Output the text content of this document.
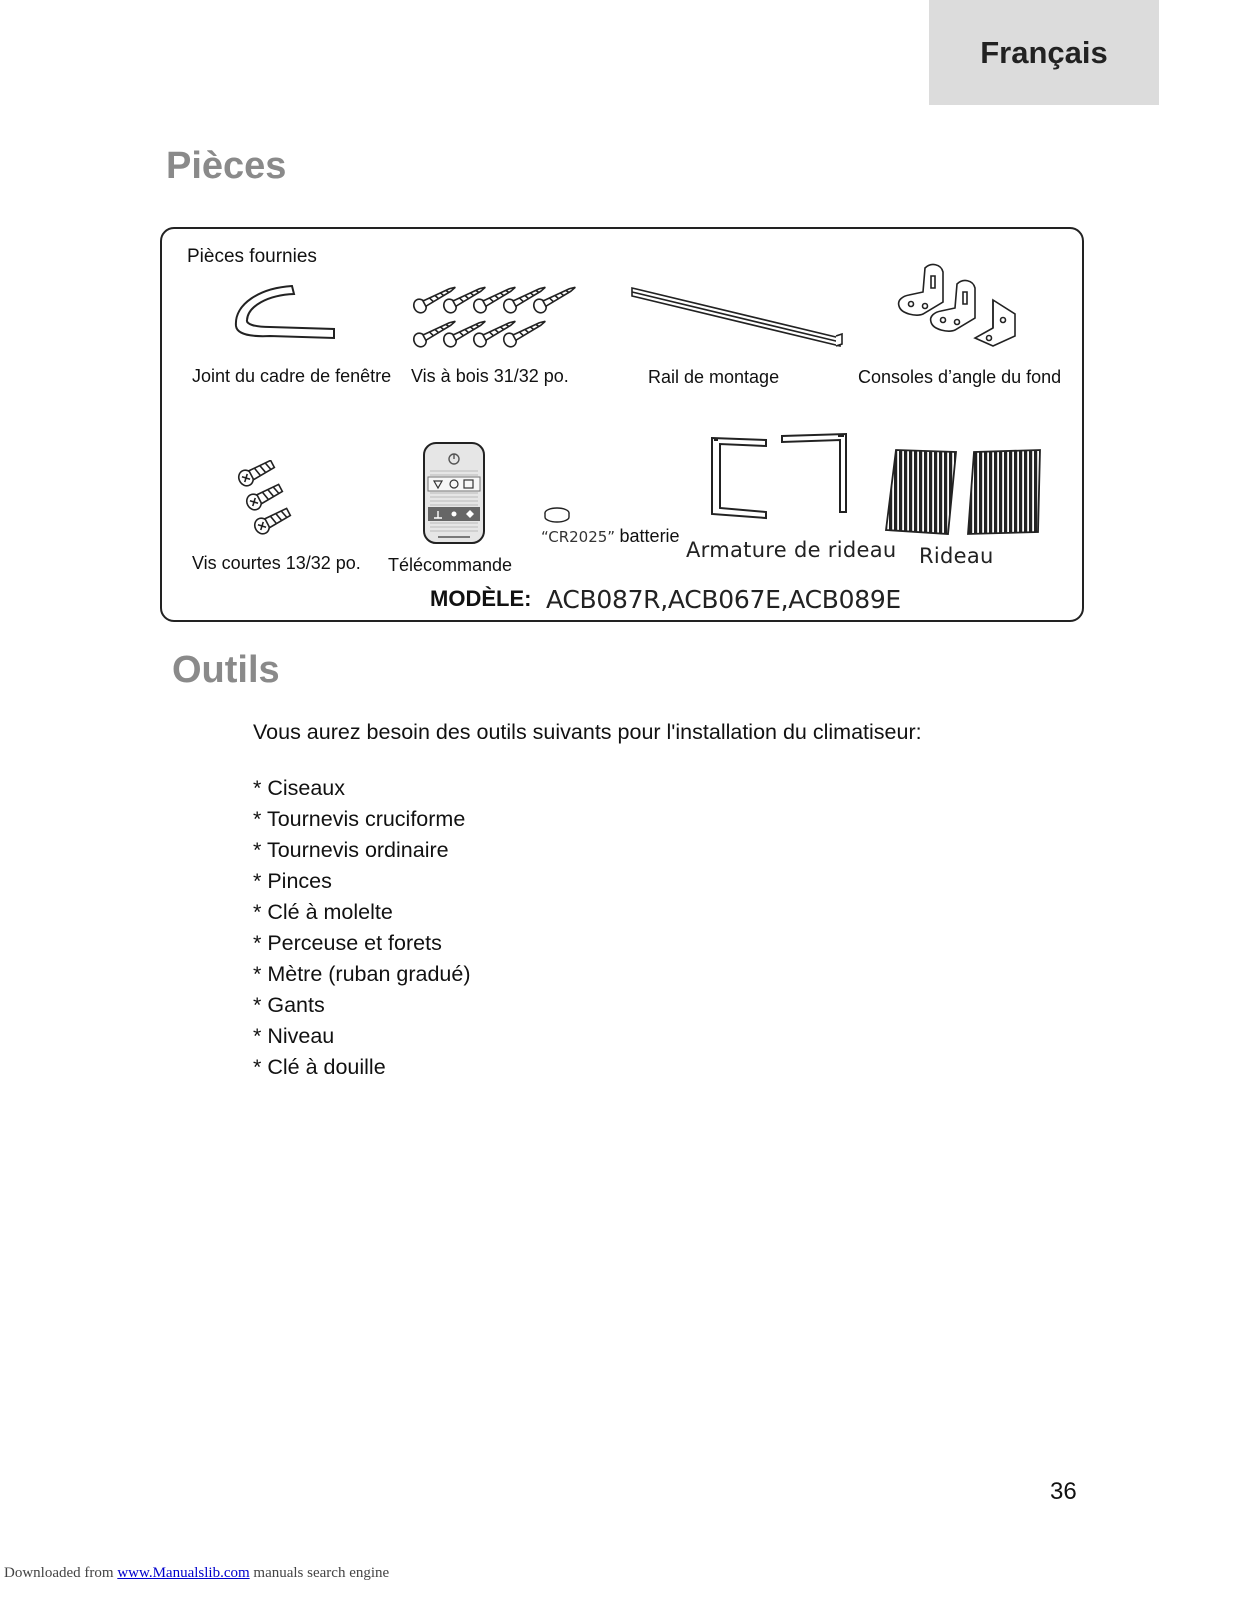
Français
Pièces
Pièces fournies
Joint du cadre de fenêtre Vis à bois 31/32 po.	Rail de montage	Consoles d’angle du fond
Vis courtes 13/32 po. Télécommande
“CR2025” batterie
Armature de rideau Rideau
MODÈLE: ACB087R,ACB067E,ACB089E
Outils
Vous aurez besoin des outils suivants pour l'installation du climatiseur:
* Ciseaux
* Tournevis cruciforme
* Tournevis ordinaire
* Pinces
* Clé à molelte
* Perceuse et forets
* Mètre (ruban gradué)
* Gants
* Niveau
* Clé à douille
36
Downloaded from www.Manualslib.com manuals search engine
